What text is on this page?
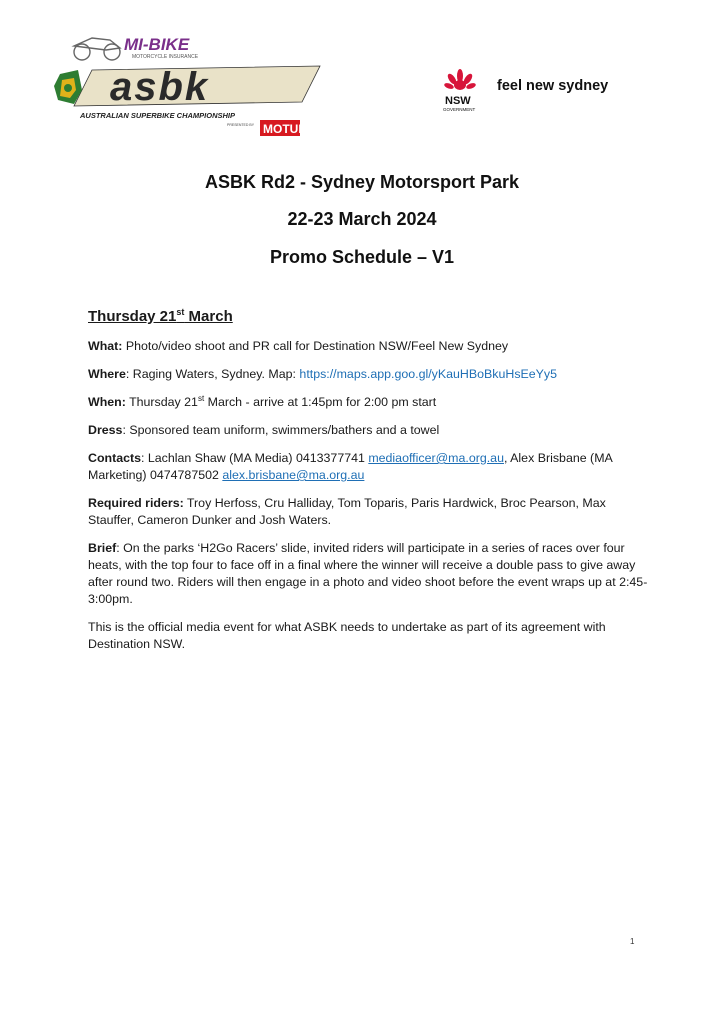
MI-BIKE
MOTORCYCLE INSURANCE
asbk
AUSTRALIAN SUPERBIKE CHAMPIONSHIP
PRESENTED BY MOTUL
NSW
GOVERNMENT
feel new sydney
ASBK Rd2 - Sydney Motorsport Park
22-23 March 2024
Promo Schedule – V1
Thursday 21st March

What: Photo/video shoot and PR call for Destination NSW/Feel New Sydney

Where: Raging Waters, Sydney. Map: https://maps.app.goo.gl/yKauHBoBkuHsEeYy5

When: Thursday 21st March - arrive at 1:45pm for 2:00 pm start

Dress: Sponsored team uniform, swimmers/bathers and a towel

Contacts: Lachlan Shaw (MA Media) 0413377741 mediaofficer@ma.org.au, Alex Brisbane (MA Marketing) 0474787502 alex.brisbane@ma.org.au

Required riders: Troy Herfoss, Cru Halliday, Tom Toparis, Paris Hardwick, Broc Pearson, Max Stauffer, Cameron Dunker and Josh Waters.

Brief: On the parks ‘H2Go Racers’ slide, invited riders will participate in a series of races over four heats, with the top four to face off in a final where the winner will receive a double pass to give away after round two. Riders will then engage in a photo and video shoot before the event wraps up at 2:45-3:00pm.

This is the official media event for what ASBK needs to undertake as part of its agreement with Destination NSW.

1
